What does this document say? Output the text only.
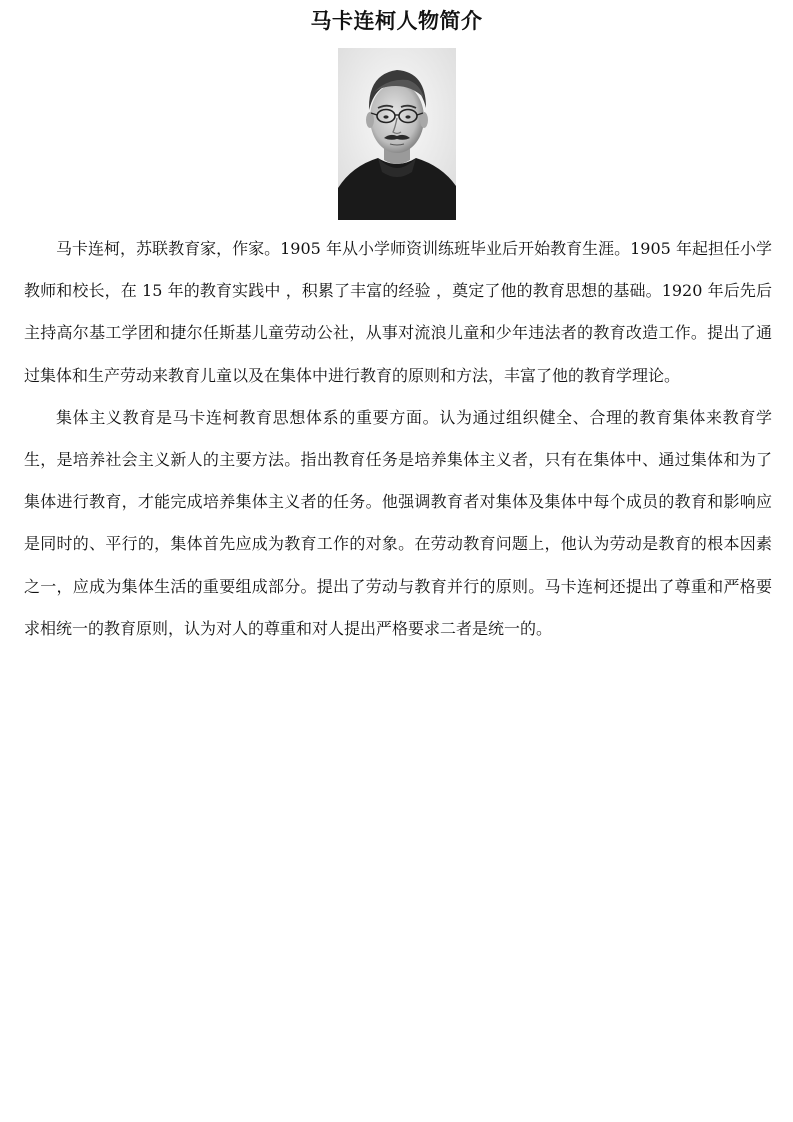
马卡连柯人物简介

马卡连柯，苏联教育家，作家。1905 年从小学师资训练班毕业后开始教育生涯。1905 年起担任小学教师和校长，在 15 年的教育实践中 ，积累了丰富的经验 ，奠定了他的教育思想的基础。1920 年后先后主持高尔基工学团和捷尔任斯基儿童劳动公社，从事对流浪儿童和少年违法者的教育改造工作。提出了通过集体和生产劳动来教育儿童以及在集体中进行教育的原则和方法，丰富了他的教育学理论。

集体主义教育是马卡连柯教育思想体系的重要方面。认为通过组织健全、合理的教育集体来教育学生，是培养社会主义新人的主要方法。指出教育任务是培养集体主义者，只有在集体中、通过集体和为了集体进行教育，才能完成培养集体主义者的任务。他强调教育者对集体及集体中每个成员的教育和影响应是同时的、平行的，集体首先应成为教育工作的对象。在劳动教育问题上，他认为劳动是教育的根本因素之一，应成为集体生活的重要组成部分。提出了劳动与教育并行的原则。马卡连柯还提出了尊重和严格要求相统一的教育原则，认为对人的尊重和对人提出严格要求二者是统一的。
